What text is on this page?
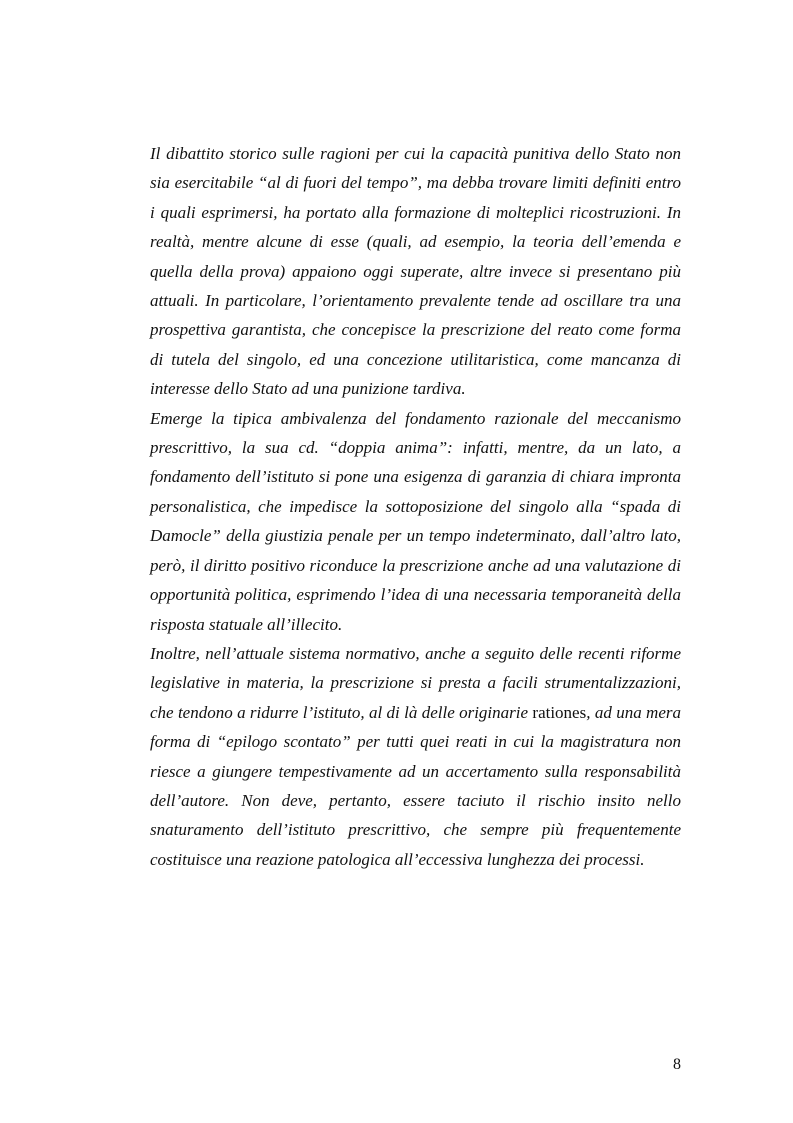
Il dibattito storico sulle ragioni per cui la capacità punitiva dello Stato non sia esercitabile “al di fuori del tempo”, ma debba trovare limiti definiti entro i quali esprimersi, ha portato alla formazione di molteplici ricostruzioni. In realtà, mentre alcune di esse (quali, ad esempio, la teoria dell’emenda e quella della prova) appaiono oggi superate, altre invece si presentano più attuali. In particolare, l’orientamento prevalente tende ad oscillare tra una prospettiva garantista, che concepisce la prescrizione del reato come forma di tutela del singolo, ed una concezione utilitaristica, come mancanza di interesse dello Stato ad una punizione tardiva.

Emerge la tipica ambivalenza del fondamento razionale del meccanismo prescrittivo, la sua cd. “doppia anima”: infatti, mentre, da un lato, a fondamento dell’istituto si pone una esigenza di garanzia di chiara impronta personalistica, che impedisce la sottoposizione del singolo alla “spada di Damocle” della giustizia penale per un tempo indeterminato, dall’altro lato, però, il diritto positivo riconduce la prescrizione anche ad una valutazione di opportunità politica, esprimendo l’idea di una necessaria temporaneità della risposta statuale all’illecito.

Inoltre, nell’attuale sistema normativo, anche a seguito delle recenti riforme legislative in materia, la prescrizione si presta a facili strumentalizzazioni, che tendono a ridurre l’istituto, al di là delle originarie rationes, ad una mera forma di “epilogo scontato” per tutti quei reati in cui la magistratura non riesce a giungere tempestivamente ad un accertamento sulla responsabilità dell’autore. Non deve, pertanto, essere taciuto il rischio insito nello snaturamento dell’istituto prescrittivo, che sempre più frequentemente costituisce una reazione patologica all’eccessiva lunghezza dei processi.

8
